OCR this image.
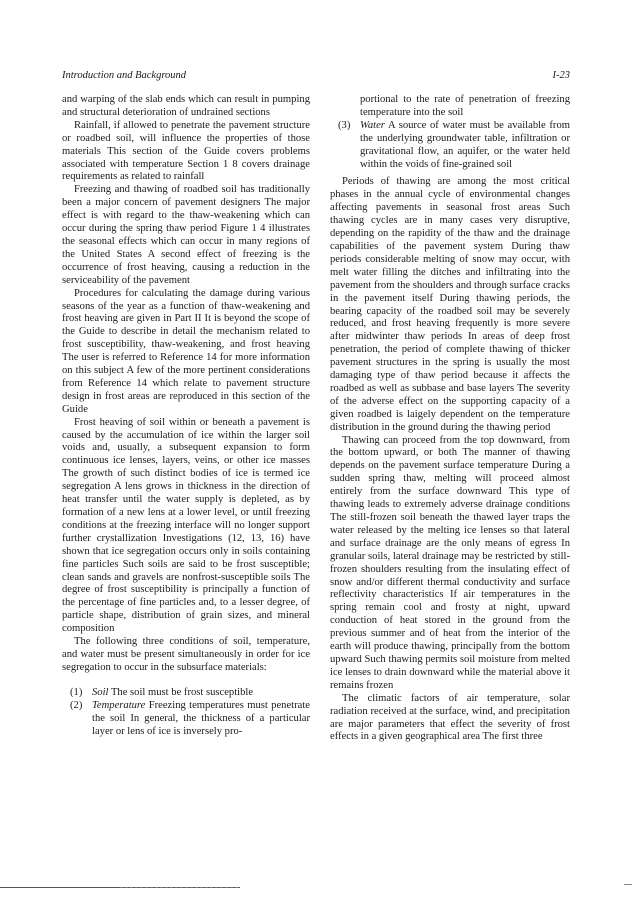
Introduction and Background	I-23

and warping of the slab ends which can result in pumping and structural deterioration of undrained sections

Rainfall, if allowed to penetrate the pavement structure or roadbed soil, will influence the properties of those materials This section of the Guide covers problems associated with temperature Section 1 8 covers drainage requirements as related to rainfall

Freezing and thawing of roadbed soil has traditionally been a major concern of pavement designers The major effect is with regard to the thaw-weakening which can occur during the spring thaw period Figure 1 4 illustrates the seasonal effects which can occur in many regions of the United States A second effect of freezing is the occurrence of frost heaving, causing a reduction in the serviceability of the pavement

Procedures for calculating the damage during various seasons of the year as a function of thaw-weakening and frost heaving are given in Part II It is beyond the scope of the Guide to describe in detail the mechanism related to frost susceptibility, thaw-weakening, and frost heaving The user is referred to Reference 14 for more information on this subject A few of the more pertinent considerations from Reference 14 which relate to pavement structure design in frost areas are reproduced in this section of the Guide

Frost heaving of soil within or beneath a pavement is caused by the accumulation of ice within the larger soil voids and, usually, a subsequent expansion to form continuous ice lenses, layers, veins, or other ice masses The growth of such distinct bodies of ice is termed ice segregation A lens grows in thickness in the direction of heat transfer until the water supply is depleted, as by formation of a new lens at a lower level, or until freezing conditions at the freezing interface will no longer support further crystallization Investigations (12, 13, 16) have shown that ice segregation occurs only in soils containing fine particles Such soils are said to be frost susceptible; clean sands and gravels are nonfrost-susceptible soils The degree of frost susceptibility is principally a function of the percentage of fine particles and, to a lesser degree, of particle shape, distribution of grain sizes, and mineral composition

The following three conditions of soil, temperature, and water must be present simultaneously in order for ice segregation to occur in the subsurface materials:

(1) Soil The soil must be frost susceptible
(2) Temperature Freezing temperatures must penetrate the soil In general, the thickness of a particular layer or lens of ice is inversely pro-
portional to the rate of penetration of freezing temperature into the soil
(3) Water A source of water must be available from the underlying groundwater table, infiltration or gravitational flow, an aquifer, or the water held within the voids of fine-grained soil

Periods of thawing are among the most critical phases in the annual cycle of environmental changes affecting pavements in seasonal frost areas Such thawing cycles are in many cases very disruptive, depending on the rapidity of the thaw and the drainage capabilities of the pavement system During thaw periods considerable melting of snow may occur, with melt water filling the ditches and infiltrating into the pavement from the shoulders and through surface cracks in the pavement itself During thawing periods, the bearing capacity of the roadbed soil may be severely reduced, and frost heaving frequently is more severe after midwinter thaw periods In areas of deep frost penetration, the period of complete thawing of thicker pavement structures in the spring is usually the most damaging type of thaw period because it affects the roadbed as well as subbase and base layers The severity of the adverse effect on the supporting capacity of a given roadbed is laigely dependent on the temperature distribution in the ground during the thawing period

Thawing can proceed from the top downward, from the bottom upward, or both The manner of thawing depends on the pavement surface temperature During a sudden spring thaw, melting will proceed almost entirely from the surface downward This type of thawing leads to extremely adverse drainage conditions The still-frozen soil beneath the thawed layer traps the water released by the melting ice lenses so that lateral and surface drainage are the only means of egress In granular soils, lateral drainage may be restricted by still-frozen shoulders resulting from the insulating effect of snow and/or different thermal conductivity and surface reflectivity characteristics If air temperatures in the spring remain cool and frosty at night, upward conduction of heat stored in the ground from the previous summer and of heat from the interior of the earth will produce thawing, principally from the bottom upward Such thawing permits soil moisture from melted ice lenses to drain downward while the material above it remains frozen

The climatic factors of air temperature, solar radiation received at the surface, wind, and precipitation are major parameters that effect the severity of frost effects in a given geographical area The first three
